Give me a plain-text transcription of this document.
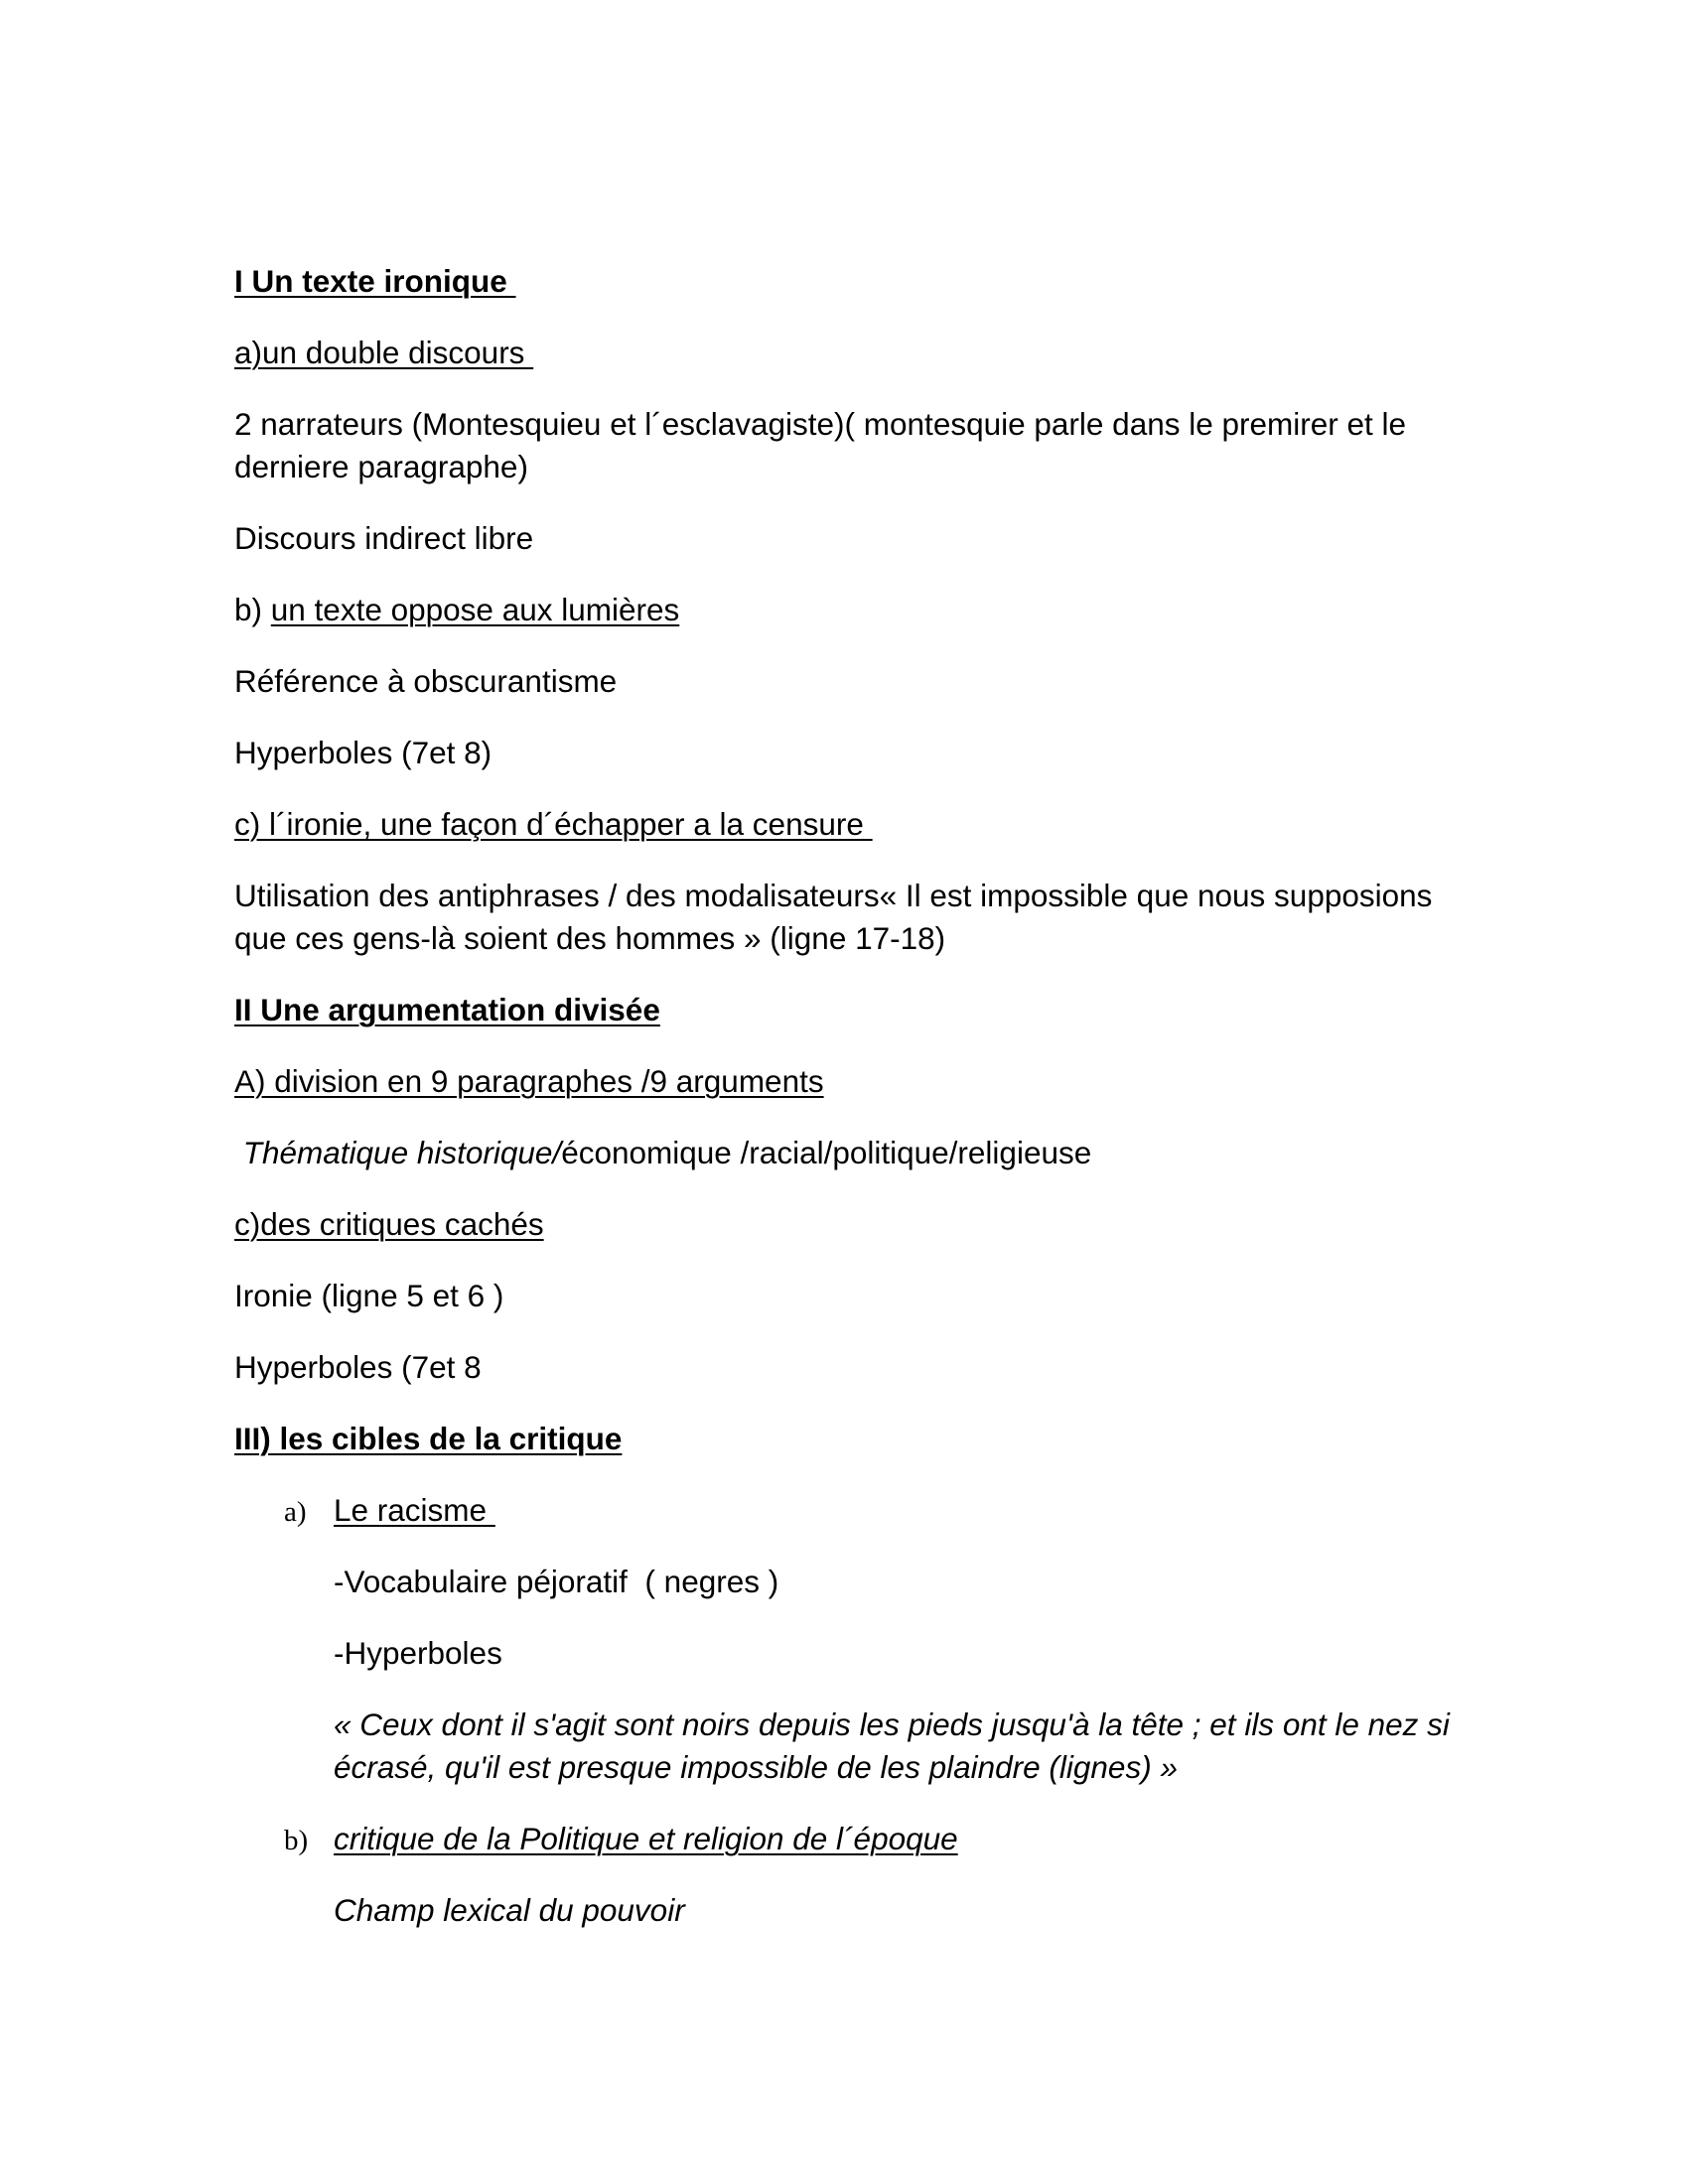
I Un texte ironique

a)un double discours

2 narrateurs (Montesquieu et l´esclavagiste)( montesquie parle dans le premirer et le derniere paragraphe)

Discours indirect libre

b) un texte oppose aux lumières

Référence à obscurantisme

Hyperboles (7et 8)

c) l´ironie, une façon d´échapper a la censure

Utilisation des antiphrases / des modalisateurs« Il est impossible que nous supposions que ces gens-là soient des hommes » (ligne 17-18)

II Une argumentation divisée

A) division en 9 paragraphes /9 arguments

Thématique historique/économique /racial/politique/religieuse

c)des critiques cachés

Ironie (ligne 5 et 6 )

Hyperboles (7et 8

III) les cibles de la critique

a) Le racisme

-Vocabulaire péjoratif  ( negres )

-Hyperboles

« Ceux dont il s'agit sont noirs depuis les pieds jusqu'à la tête ; et ils ont le nez si écrasé, qu'il est presque impossible de les plaindre (lignes) »

b) critique de la Politique et religion de l´époque

Champ lexical du pouvoir
